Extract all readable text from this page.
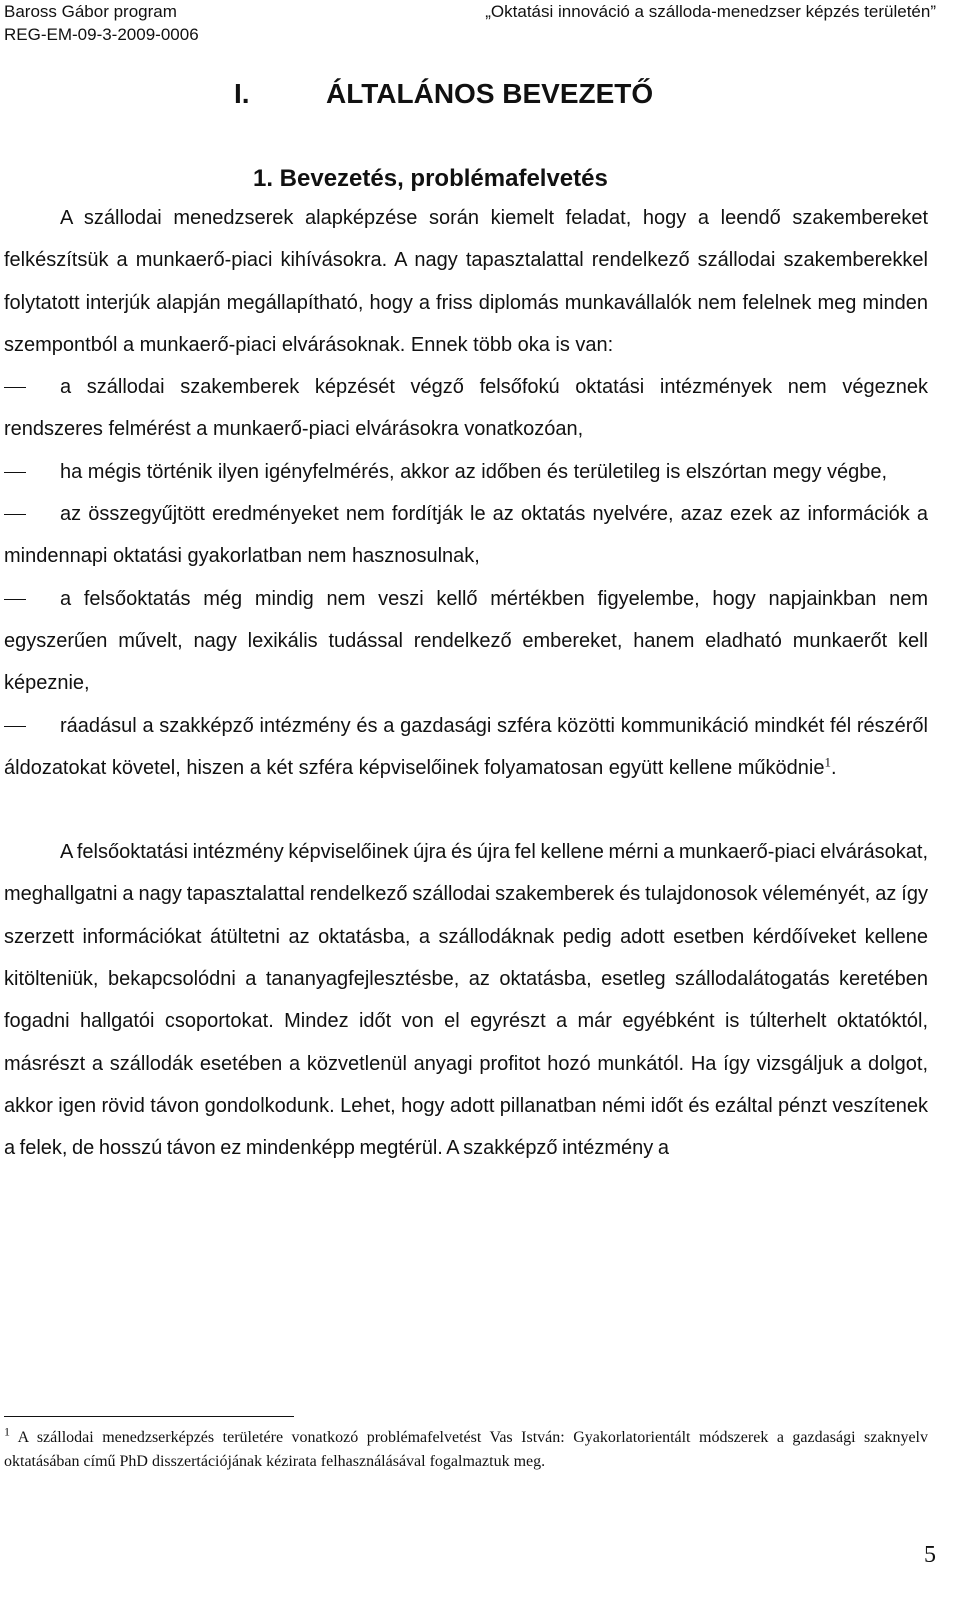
Baross Gábor program
REG-EM-09-3-2009-0006
„Oktatási innováció a szálloda-menedzser képzés területén”
I.	ÁLTALÁNOS BEVEZETŐ
1. Bevezetés, problémafelvetés

A szállodai menedzserek alapképzése során kiemelt feladat, hogy a leendő szakembereket felkészítsük a munkaerő-piaci kihívásokra. A nagy tapasztalattal rendelkező szállodai szakemberekkel folytatott interjúk alapján megállapítható, hogy a friss diplomás munkavállalók nem felelnek meg minden szempontból a munkaerő-piaci elvárásoknak. Ennek több oka is van:

a szállodai szakemberek képzését végző felsőfokú oktatási intézmények nem végeznek rendszeres felmérést a munkaerő-piaci elvárásokra vonatkozóan,

ha mégis történik ilyen igényfelmérés, akkor az időben és területileg is elszórtan megy végbe,

az összegyűjtött eredményeket nem fordítják le az oktatás nyelvére, azaz ezek az információk a mindennapi oktatási gyakorlatban nem hasznosulnak,

a felsőoktatás még mindig nem veszi kellő mértékben figyelembe, hogy napjainkban nem egyszerűen művelt, nagy lexikális tudással rendelkező embereket, hanem eladható munkaerőt kell képeznie,

ráadásul a szakképző intézmény és a gazdasági szféra közötti kommunikáció mindkét fél részéről áldozatokat követel, hiszen a két szféra képviselőinek folyamatosan együtt kellene működnie$^1$.

A felsőoktatási intézmény képviselőinek újra és újra fel kellene mérni a munkaerő-piaci elvárásokat, meghallgatni a nagy tapasztalattal rendelkező szállodai szakemberek és tulajdonosok véleményét, az így szerzett információkat átültetni az oktatásba, a szállodáknak pedig adott esetben kérdőíveket kellene kitölteniük, bekapcsolódni a tananyagfejlesztésbe, az oktatásba, esetleg szállodalátogatás keretében fogadni hallgatói csoportokat. Mindez időt von el egyrészt a már egyébként is túlterhelt oktatóktól, másrészt a szállodák esetében a közvetlenül anyagi profitot hozó munkától. Ha így vizsgáljuk a dolgot, akkor igen rövid távon gondolkodunk. Lehet, hogy adott pillanatban némi időt és ezáltal pénzt veszítenek a felek, de hosszú távon ez mindenképp megtérül. A szakképző intézmény a

$^1$ A szállodai menedzserképzés területére vonatkozó problémafelvetést Vas István: Gyakorlatorientált módszerek a gazdasági szaknyelv oktatásában című PhD disszertációjának kézirata felhasználásával fogalmaztuk meg.
5
